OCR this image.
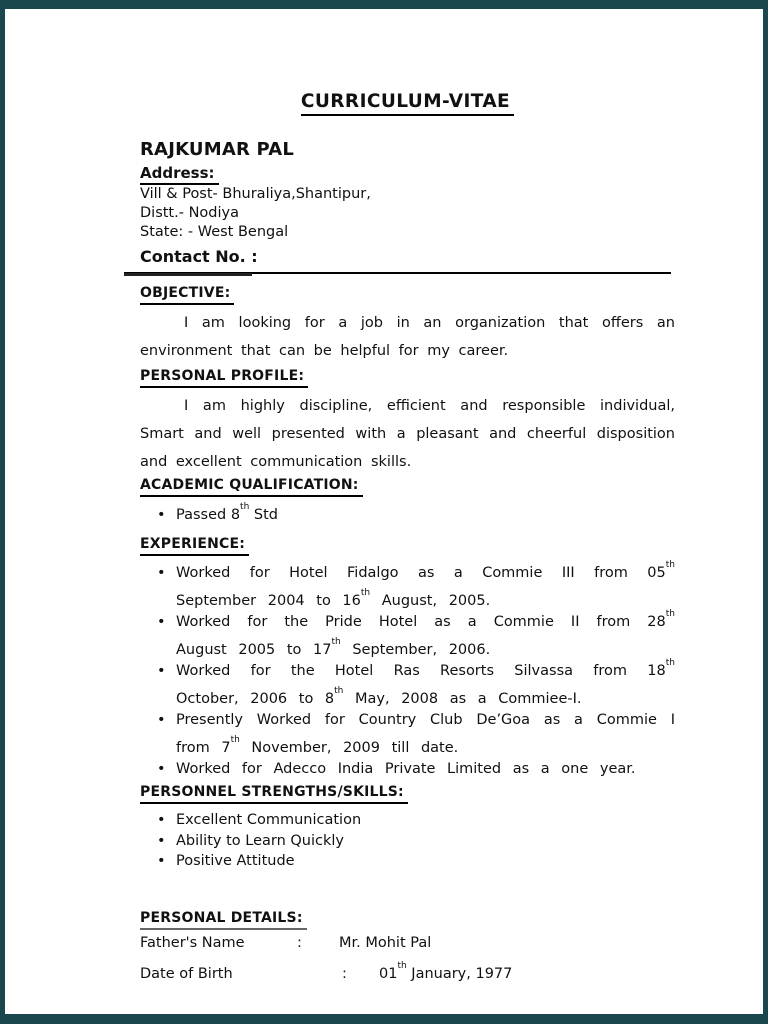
CURRICULUM-VITAE
RAJKUMAR PAL
Address:
Vill & Post- Bhuraliya,Shantipur,
Distt.- Nodiya
State: - West Bengal
Contact No. :
OBJECTIVE:

I am looking for a job in an organization that offers an environment that can be helpful for my career.

PERSONAL PROFILE:

I am highly discipline, efficient and responsible individual, Smart and well presented with a pleasant and cheerful disposition and excellent communication skills.

ACADEMIC QUALIFICATION:
• Passed 8th Std
EXPERIENCE:
• Worked for Hotel Fidalgo as a Commie III from 05th September 2004 to 16th August, 2005.
• Worked for the Pride Hotel as a Commie II from 28th August 2005 to 17th September, 2006.
• Worked for the Hotel Ras Resorts Silvassa from 18th October, 2006 to 8th May, 2008 as a Commiee-I.
• Presently Worked for Country Club De’Goa as a Commie I from 7th November, 2009 till date.
• Worked for Adecco India Private Limited as a one year.
PERSONNEL STRENGTHS/SKILLS:
• Excellent Communication
• Ability to Learn Quickly
• Positive Attitude
PERSONAL DETAILS:
Father's Name	:	Mr. Mohit Pal
Date of Birth	: 01th January, 1977
